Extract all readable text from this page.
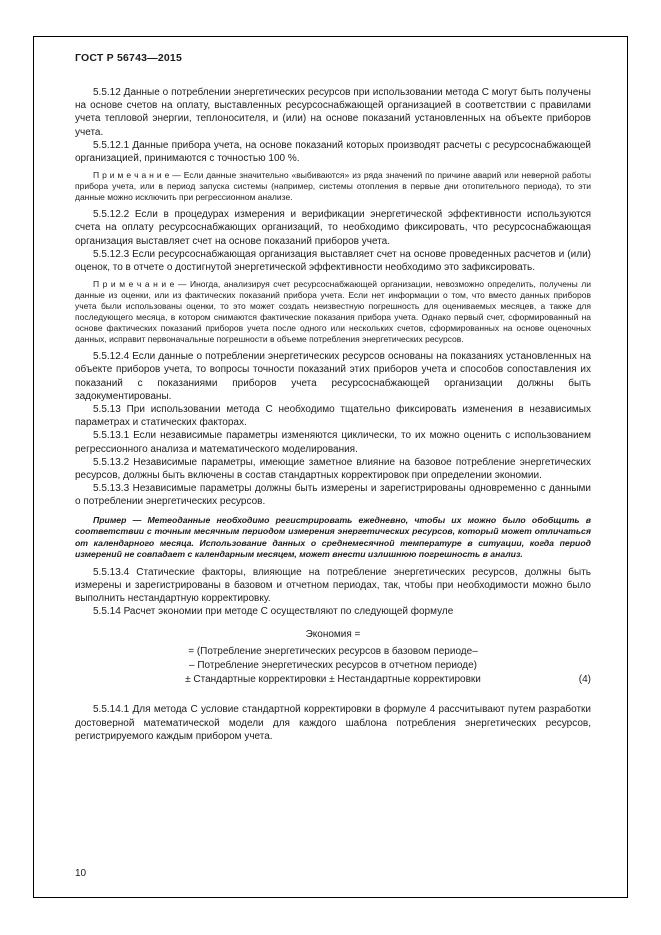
ГОСТ Р 56743—2015

5.5.12 Данные о потреблении энергетических ресурсов при использовании метода С могут быть получены на основе счетов на оплату, выставленных ресурсоснабжающей организацией в соответствии с правилами учета тепловой энергии, теплоносителя, и (или) на основе показаний установленных на объекте приборов учета.

5.5.12.1 Данные прибора учета, на основе показаний которых производят расчеты с ресурсоснабжающей организацией, принимаются с точностью 100 %.

П р и м е ч а н и е — Если данные значительно «выбиваются» из ряда значений по причине аварий или неверной работы прибора учета, или в период запуска системы (например, системы отопления в первые дни отопительного периода), то эти данные можно исключить при регрессионном анализе.

5.5.12.2 Если в процедурах измерения и верификации энергетической эффективности используются счета на оплату ресурсоснабжающих организаций, то необходимо фиксировать, что ресурсоснабжающая организация выставляет счет на основе показаний приборов учета.

5.5.12.3 Если ресурсоснабжающая организация выставляет счет на основе проведенных расчетов и (или) оценок, то в отчете о достигнутой энергетической эффективности необходимо это зафиксировать.

П р и м е ч а н и е — Иногда, анализируя счет ресурсоснабжающей организации, невозможно определить, получены ли данные из оценки, или из фактических показаний прибора учета. Если нет информации о том, что вместо данных приборов учета были использованы оценки, то это может создать неизвестную погрешность для оцениваемых месяцев, а также для последующего месяца, в котором снимаются фактические показания прибора учета. Однако первый счет, сформированный на основе фактических показаний приборов учета после одного или нескольких счетов, сформированных на основе оценочных данных, исправит первоначальные погрешности в объеме потребления энергетических ресурсов.

5.5.12.4 Если данные о потреблении энергетических ресурсов основаны на показаниях установленных на объекте приборов учета, то вопросы точности показаний этих приборов учета и способов сопоставления их показаний с показаниями приборов учета ресурсоснабжающей организации должны быть задокументированы.

5.5.13 При использовании метода С необходимо тщательно фиксировать изменения в независимых параметрах и статических факторах.

5.5.13.1 Если независимые параметры изменяются циклически, то их можно оценить с использованием регрессионного анализа и математического моделирования.

5.5.13.2 Независимые параметры, имеющие заметное влияние на базовое потребление энергетических ресурсов, должны быть включены в состав стандартных корректировок при определении экономии.

5.5.13.3 Независимые параметры должны быть измерены и зарегистрированы одновременно с данными о потреблении энергетических ресурсов.

Пример — Метеоданные необходимо регистрировать ежедневно, чтобы их можно было обобщить в соответствии с точным месячным периодом измерения энергетических ресурсов, который может отличаться от календарного месяца. Использование данных о среднемесячной температуре в ситуации, когда период измерений не совпадает с календарным месяцем, может внести излишнюю погрешность в анализ.

5.5.13.4 Статические факторы, влияющие на потребление энергетических ресурсов, должны быть измерены и зарегистрированы в базовом и отчетном периодах, так, чтобы при необходимости можно было выполнить нестандартную корректировку.

5.5.14 Расчет экономии при методе С осуществляют по следующей формуле

Экономия =
= (Потребление энергетических ресурсов в базовом периоде–
– Потребление энергетических ресурсов в отчетном периоде)
± Стандартные корректировки ± Нестандартные корректировки	(4)

5.5.14.1 Для метода С условие стандартной корректировки в формуле 4 рассчитывают путем разработки достоверной математической модели для каждого шаблона потребления энергетических ресурсов, регистрируемого каждым прибором учета.

10
